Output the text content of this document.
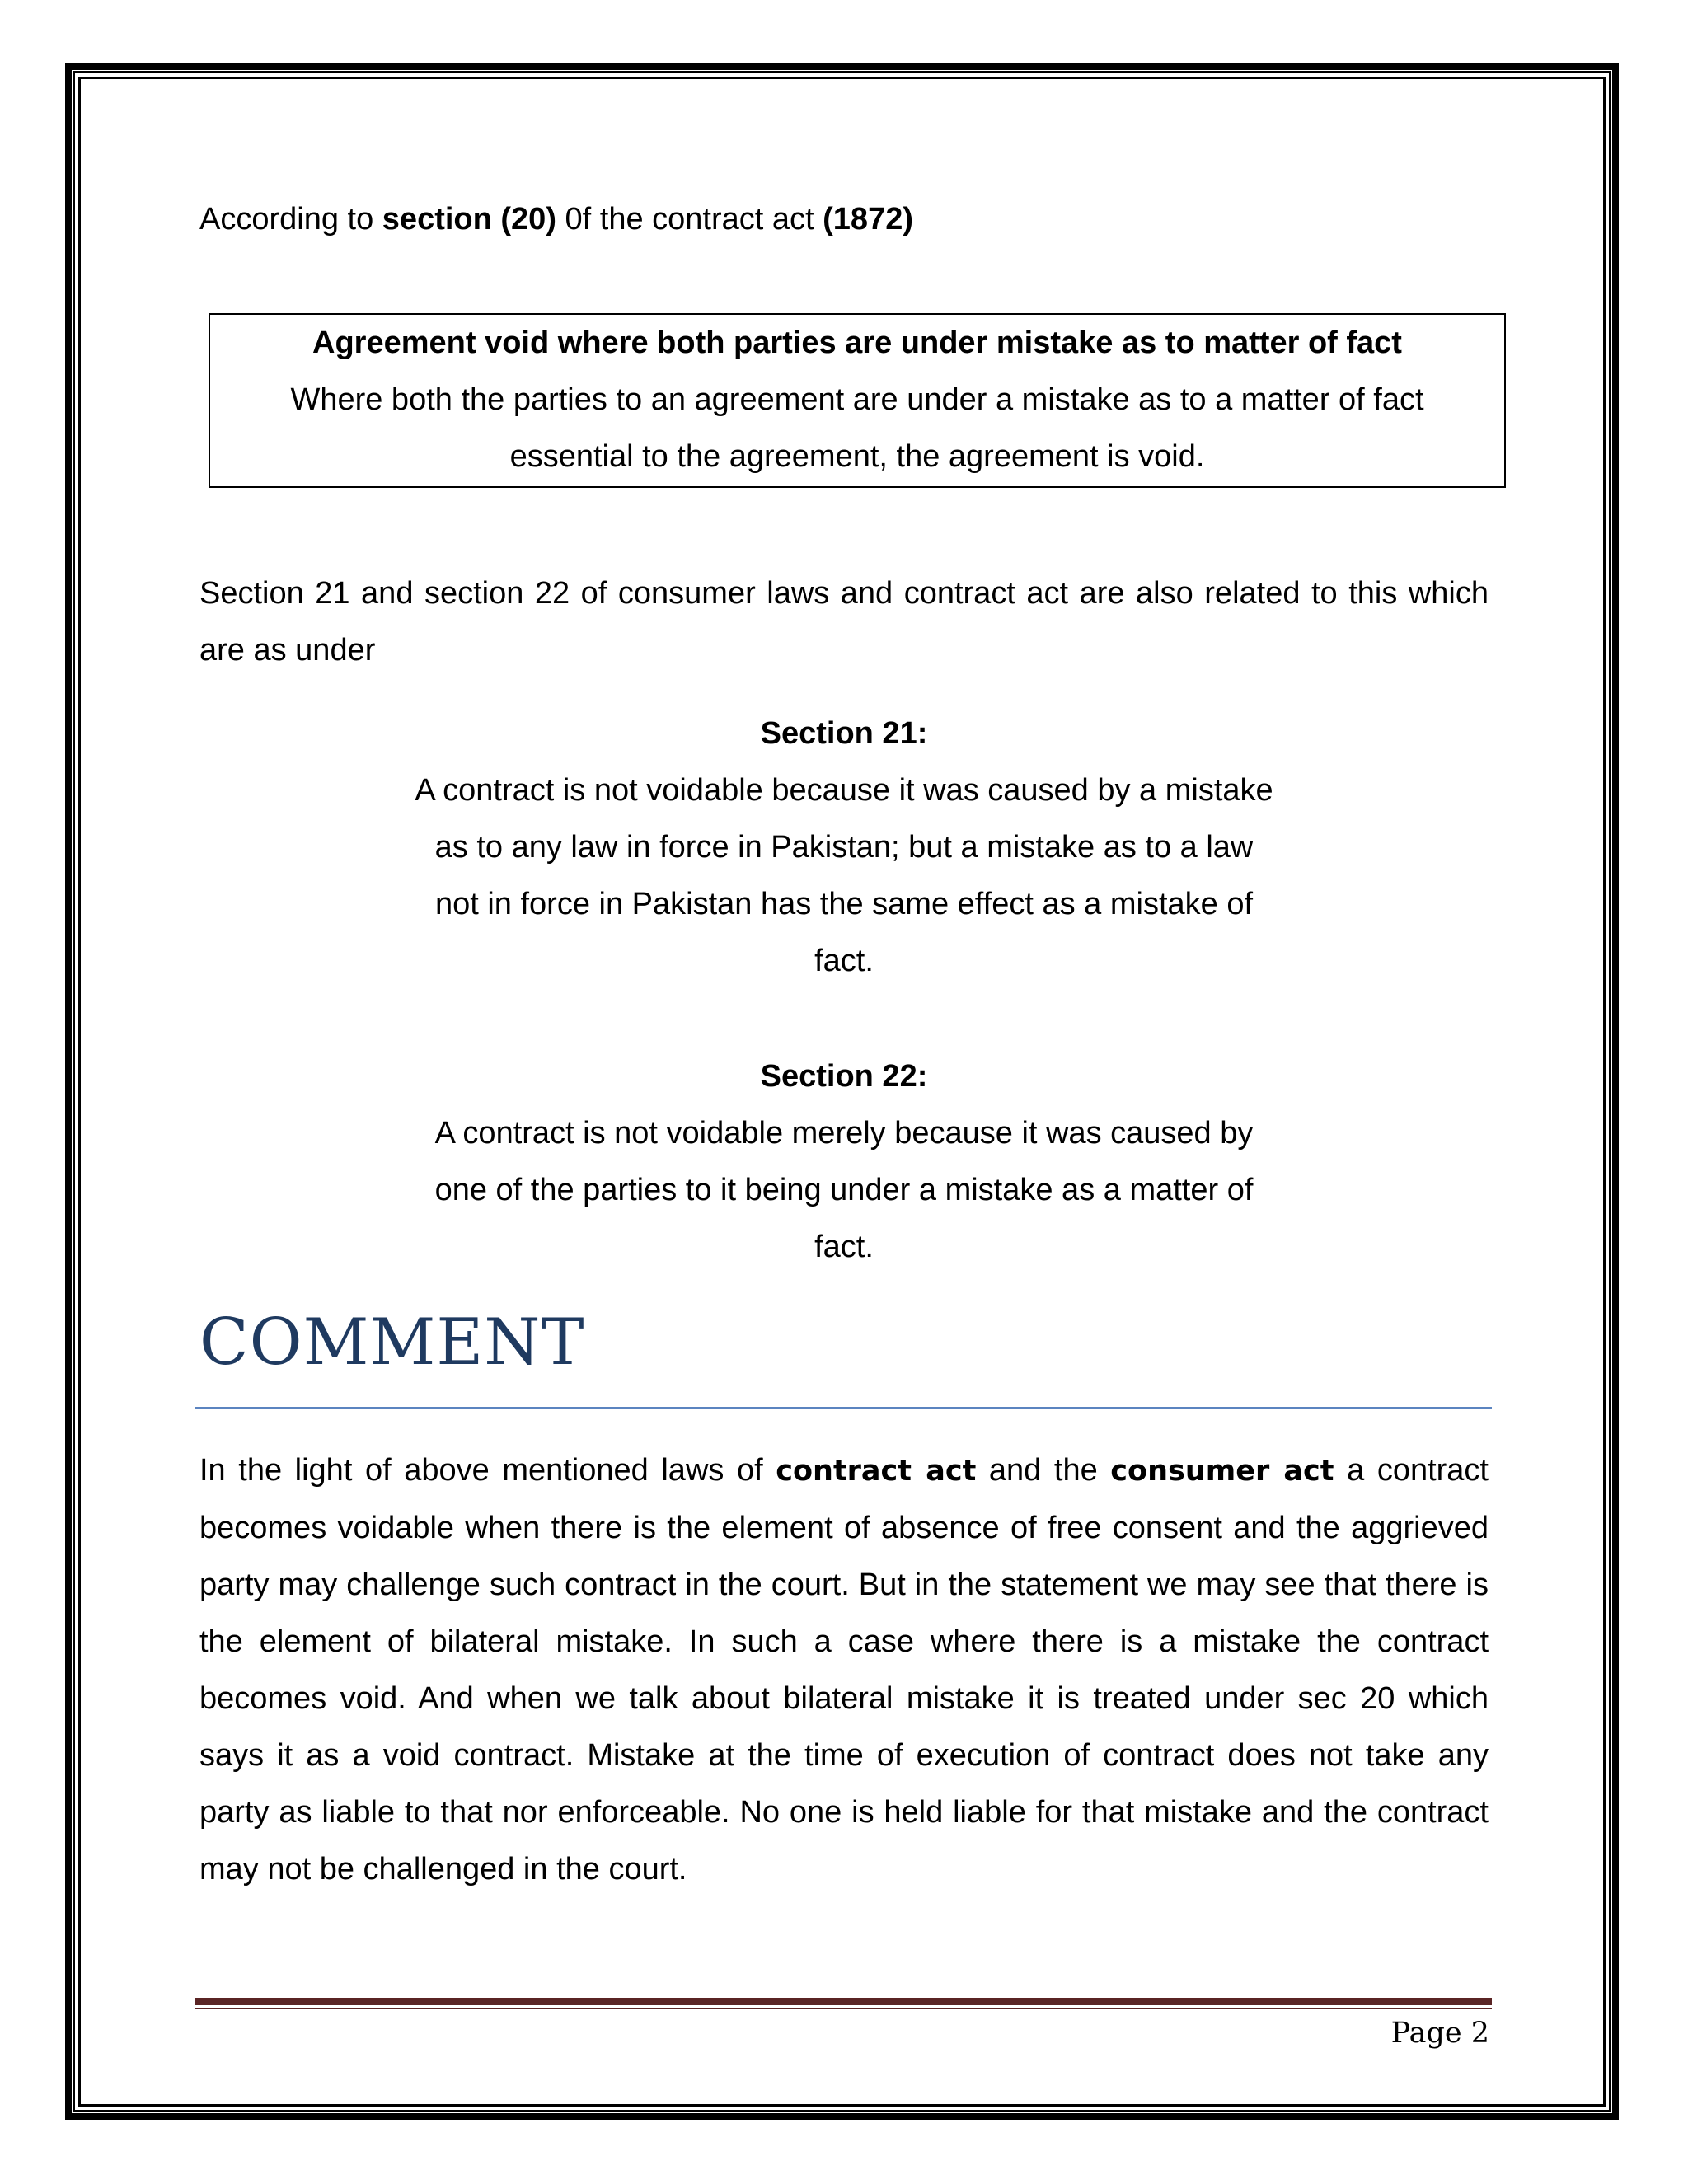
According to section (20) 0f the contract act (1872)

Agreement void where both parties are under mistake as to matter of fact
Where both the parties to an agreement are under a mistake as to a matter of fact essential to the agreement, the agreement is void.

Section 21 and section 22 of consumer laws and contract act are also related to this which are as under

Section 21:
A contract is not voidable because it was caused by a mistake as to any law in force in Pakistan; but a mistake as to a law not in force in Pakistan has the same effect as a mistake of fact.
Section 22:
A contract is not voidable merely because it was caused by one of the parties to it being under a mistake as a matter of fact.
COMMENT

In the light of above mentioned laws of contract act and the consumer act a contract becomes voidable when there is the element of absence of free consent and the aggrieved party may challenge such contract in the court. But in the statement we may see that there is the element of bilateral mistake. In such a case where there is a mistake the contract becomes void. And when we talk about bilateral mistake it is treated under sec 20 which says it as a void contract. Mistake at the time of execution of contract does not take any party as liable to that nor enforceable. No one is held liable for that mistake and the contract may not be challenged in the court.

Page 2
